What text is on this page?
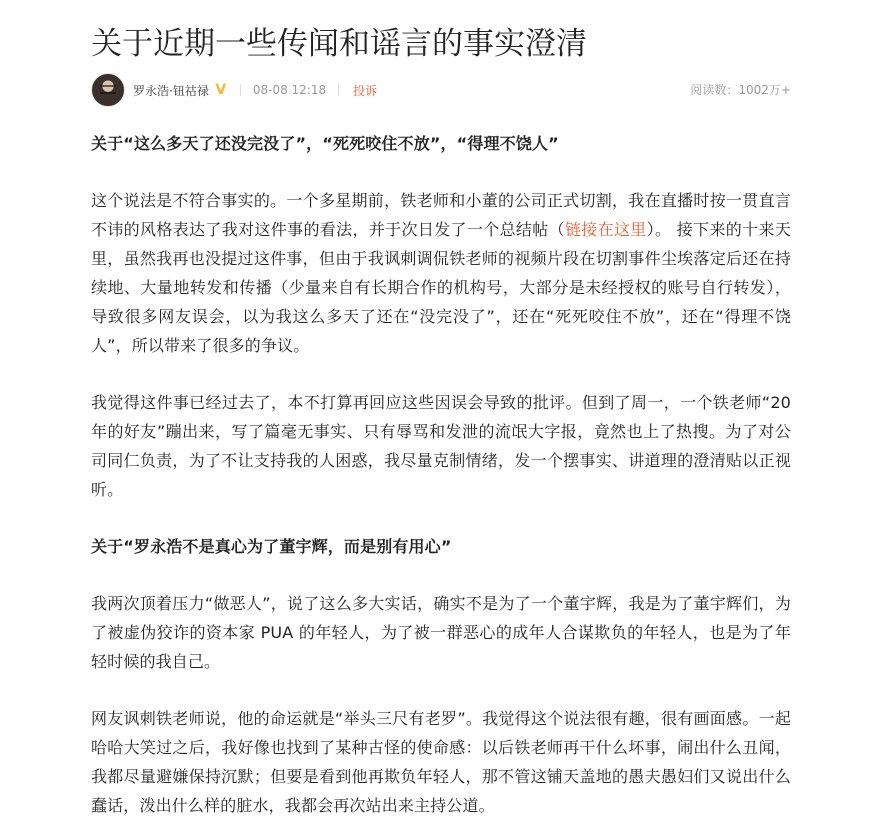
关于近期一些传闻和谣言的事实澄清
罗永浩·钮祜禄 V 08-08 12:18 投诉	阅读数：1002万+

关于“这么多天了还没完没了”，“死死咬住不放”，“得理不饶人”

这个说法是不符合事实的。一个多星期前，铁老师和小董的公司正式切割，我在直播时按一贯直言不讳的风格表达了我对这件事的看法，并于次日发了一个总结帖（链接在这里）。 接下来的十来天里，虽然我再也没提过这件事，但由于我讽刺调侃铁老师的视频片段在切割事件尘埃落定后还在持续地、大量地转发和传播（少量来自有长期合作的机构号，大部分是未经授权的账号自行转发），导致很多网友误会，以为我这么多天了还在“没完没了”，还在“死死咬住不放”，还在“得理不饶人”，所以带来了很多的争议。

我觉得这件事已经过去了，本不打算再回应这些因误会导致的批评。但到了周一，一个铁老师“20年的好友”蹦出来，写了篇毫无事实、只有辱骂和发泄的流氓大字报，竟然也上了热搜。为了对公司同仁负责，为了不让支持我的人困惑，我尽量克制情绪，发一个摆事实、讲道理的澄清贴以正视听。

关于“罗永浩不是真心为了董宇辉，而是别有用心”

我两次顶着压力“做恶人”，说了这么多大实话，确实不是为了一个董宇辉，我是为了董宇辉们，为了被虚伪狡诈的资本家 PUA 的年轻人，为了被一群恶心的成年人合谋欺负的年轻人，也是为了年轻时候的我自己。

网友讽刺铁老师说，他的命运就是“举头三尺有老罗”。我觉得这个说法很有趣，很有画面感。一起哈哈大笑过之后，我好像也找到了某种古怪的使命感：以后铁老师再干什么坏事，闹出什么丑闻，我都尽量避嫌保持沉默；但要是看到他再欺负年轻人，那不管这铺天盖地的愚夫愚妇们又说出什么蠢话，泼出什么样的脏水，我都会再次站出来主持公道。
